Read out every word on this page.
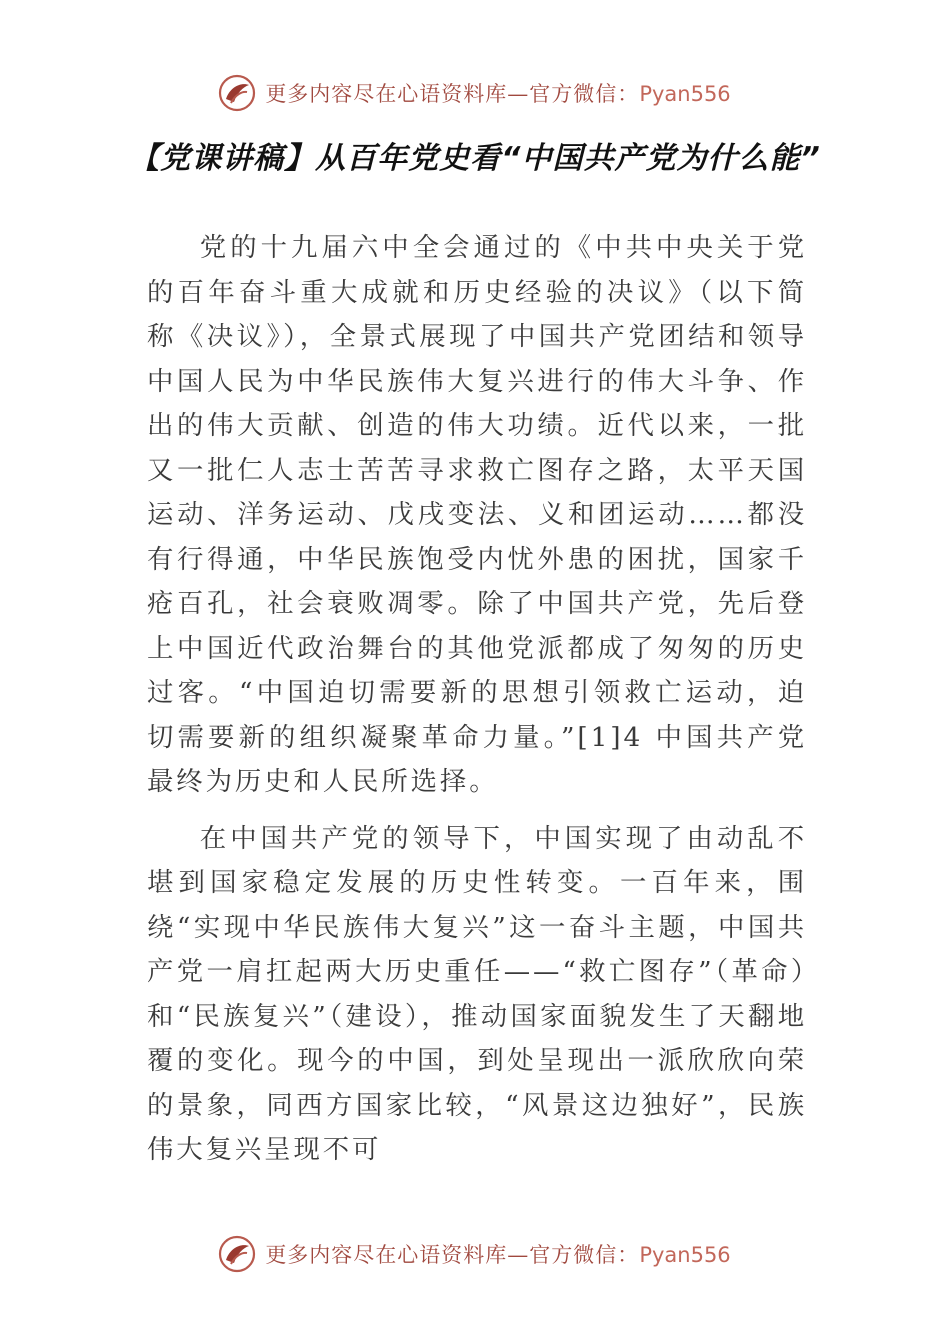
更多内容尽在心语资料库—官方微信：Pyan556
【党课讲稿】从百年党史看“中国共产党为什么能”

党的十九届六中全会通过的《中共中央关于党的百年奋斗重大成就和历史经验的决议》（以下简称《决议》），全景式展现了中国共产党团结和领导中国人民为中华民族伟大复兴进行的伟大斗争、作出的伟大贡献、创造的伟大功绩。近代以来，一批又一批仁人志士苦苦寻求救亡图存之路，太平天国运动、洋务运动、戊戌变法、义和团运动……都没有行得通，中华民族饱受内忧外患的困扰，国家千疮百孔，社会衰败凋零。除了中国共产党，先后登上中国近代政治舞台的其他党派都成了匆匆的历史过客。“中国迫切需要新的思想引领救亡运动，迫切需要新的组织凝聚革命力量。”[1]4 中国共产党最终为历史和人民所选择。

在中国共产党的领导下，中国实现了由动乱不堪到国家稳定发展的历史性转变。一百年来，围绕“实现中华民族伟大复兴”这一奋斗主题，中国共产党一肩扛起两大历史重任——“救亡图存”（革命）和“民族复兴”（建设），推动国家面貌发生了天翻地覆的变化。现今的中国，到处呈现出一派欣欣向荣的景象，同西方国家比较，“风景这边独好”，民族伟大复兴呈现不可

更多内容尽在心语资料库—官方微信：Pyan556
